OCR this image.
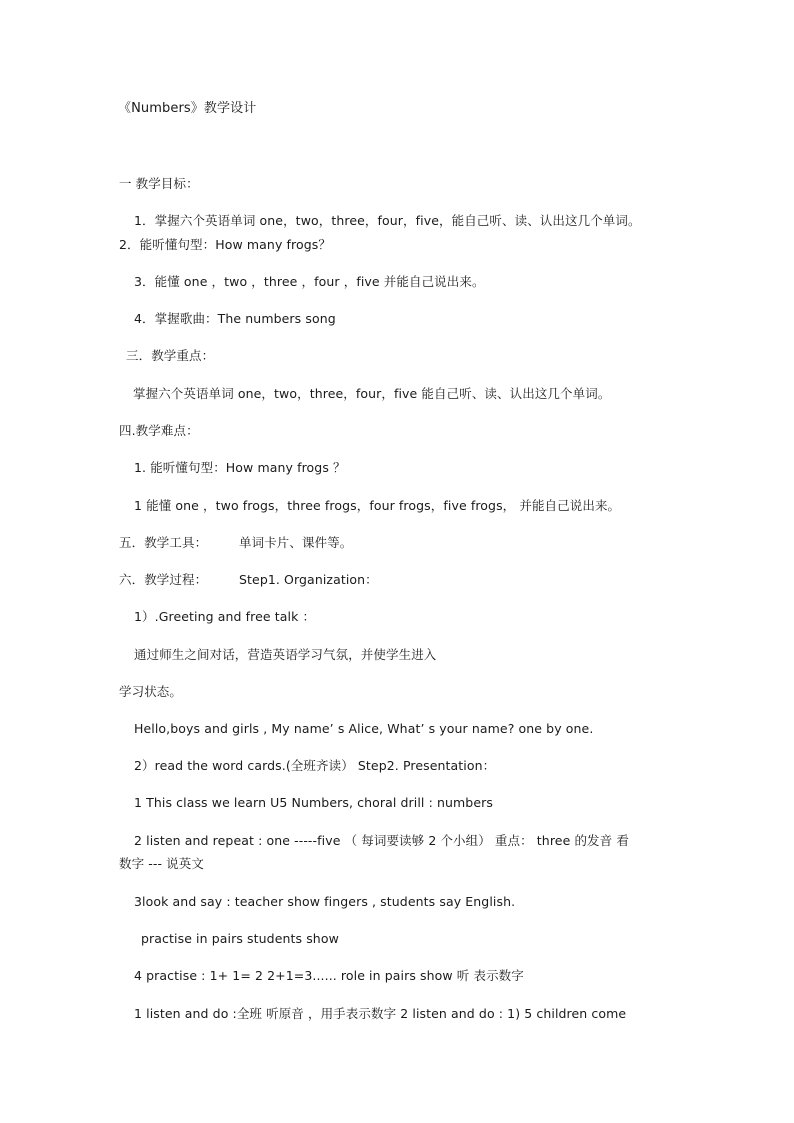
《Numbers》教学设计
一 教学目标：
1．掌握六个英语单词 one，two，three，four，five，能自己听、读、认出这几个单词。
2．能听懂句型：How many frogs？
3．能懂 one ，two ，three ，four ，five 并能自己说出来。
4．掌握歌曲：The numbers song
三．教学重点：
掌握六个英语单词 one，two，three，four，five 能自己听、读、认出这几个单词。
四.教学难点：
1. 能听懂句型：How many frogs ？
1 能懂 one ，two frogs，three frogs，four frogs，five frogs， 并能自己说出来。
五．教学工具：	单词卡片、课件等。
六．教学过程：	Step1. Organization：
1）.Greeting and free talk ：
通过师生之间对话，营造英语学习气氛，并使学生进入
学习状态。
Hello,boys and girls , My name’ s Alice, What’ s your name? one by one.
2）read the word cards.(全班齐读） Step2. Presentation：
1 This class we learn U5 Numbers, choral drill : numbers
2 listen and repeat : one -----five （ 每词要读够 2 个小组） 重点： three 的发音 看
数字 --- 说英文
3look and say : teacher show fingers , students say English.
practise in pairs students show
4 practise : 1+ 1= 2 2+1=3...... role in pairs show 听 表示数字
1 listen and do :全班 听原音 ，用手表示数字 2 listen and do : 1) 5 children come
